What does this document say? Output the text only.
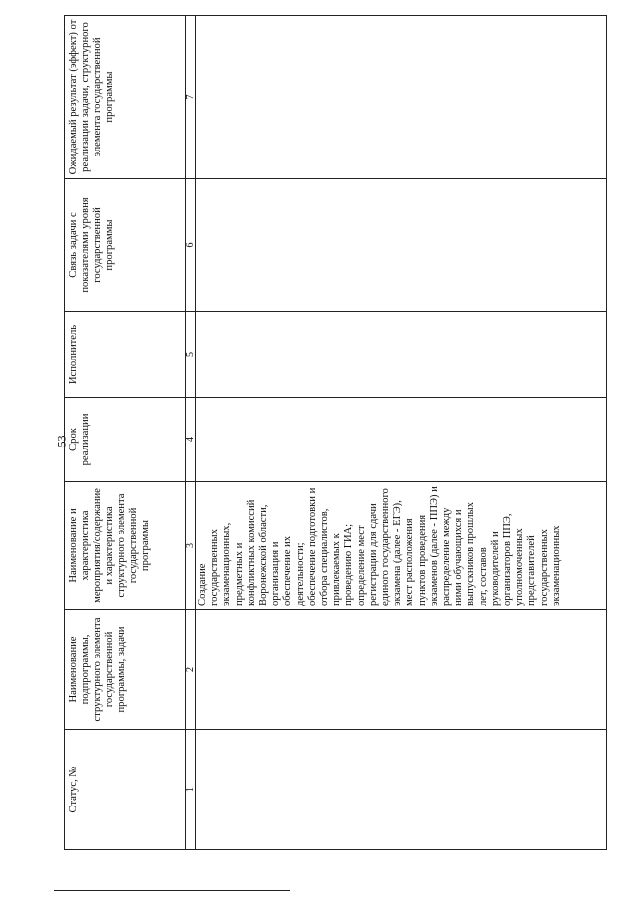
53
Статус, №	Наименование подпрограммы, структурного элемента государственной программы, задачи	Наименование и характеристика мероприятия/содержание и характеристика структурного элемента государственной программы	Срок реализации	Исполнитель	Связь задачи с показателями уровня государственной программы	Ожидаемый результат (эффект) от реализации задачи, структурного элемента государственной программы
1	2	3	4	5	6	7
		Создание государственных экзаменационных, предметных и конфликтных комиссий Воронежской области, организация и обеспечение их деятельности; обеспечение подготовки и отбора специалистов, привлекаемых к проведению ГИА; определение мест регистрации для сдачи единого государственного экзамена (далее - ЕГЭ), мест расположения пунктов проведения экзаменов (далее - ППЭ) и распределение между ними обучающихся и выпускников прошлых лет, составов руководителей и организаторов ППЭ, уполномоченных представителей государственных экзаменационных				
